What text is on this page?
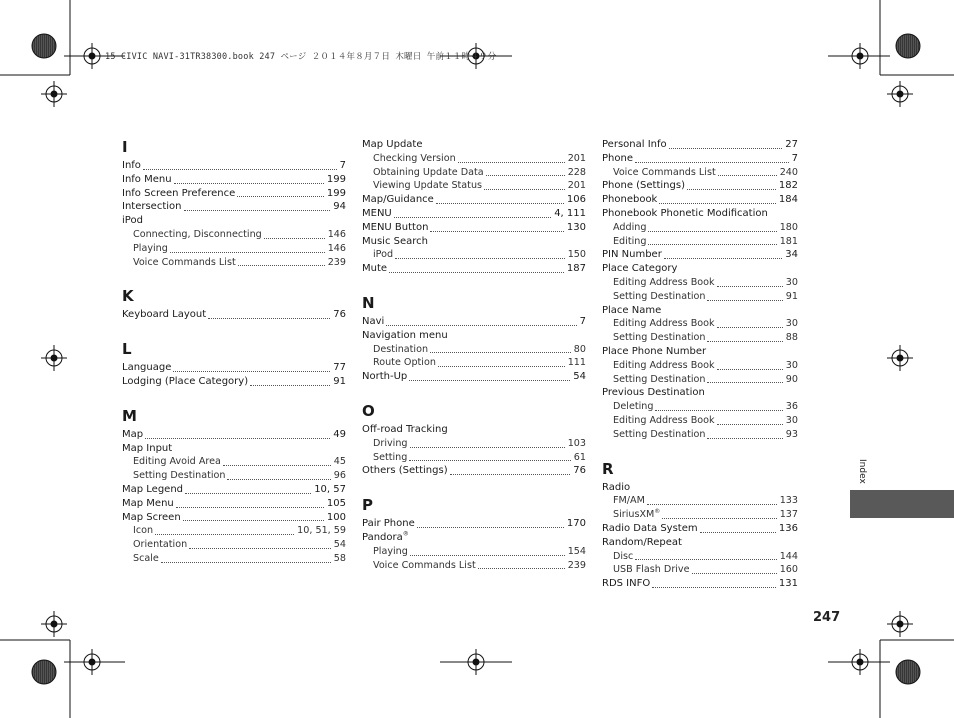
15 CIVIC NAVI-31TR38300.book 247 ページ ２０１４年８月７日 木曜日 午前１１時４９分
I
Info	7
Info Menu	199
Info Screen Preference	199
Intersection	94
iPod
Connecting, Disconnecting	146
Playing	146
Voice Commands List	239
K
Keyboard Layout	76
L
Language	77
Lodging (Place Category)	91
M
Map	49
Map Input
Editing Avoid Area	45
Setting Destination	96
Map Legend	10, 57
Map Menu	105
Map Screen	100
Icon	10, 51, 59
Orientation	54
Scale	58
Map Update
Checking Version	201
Obtaining Update Data	228
Viewing Update Status	201
Map/Guidance	106
MENU	4, 111
MENU Button	130
Music Search
iPod	150
Mute	187
N
Navi	7
Navigation menu
Destination	80
Route Option	111
North-Up	54
O
Off-road Tracking
Driving	103
Setting	61
Others (Settings)	76
P
Pair Phone	170
Pandora®
Playing	154
Voice Commands List	239
Personal Info	27
Phone	7
Voice Commands List	240
Phone (Settings)	182
Phonebook	184
Phonebook Phonetic Modification
Adding	180
Editing	181
PIN Number	34
Place Category
Editing Address Book	30
Setting Destination	91
Place Name
Editing Address Book	30
Setting Destination	88
Place Phone Number
Editing Address Book	30
Setting Destination	90
Previous Destination
Deleting	36
Editing Address Book	30
Setting Destination	93
R
Radio
FM/AM	133
SiriusXM®	137
Radio Data System	136
Random/Repeat
Disc	144
USB Flash Drive	160
RDS INFO	131
Index
247
